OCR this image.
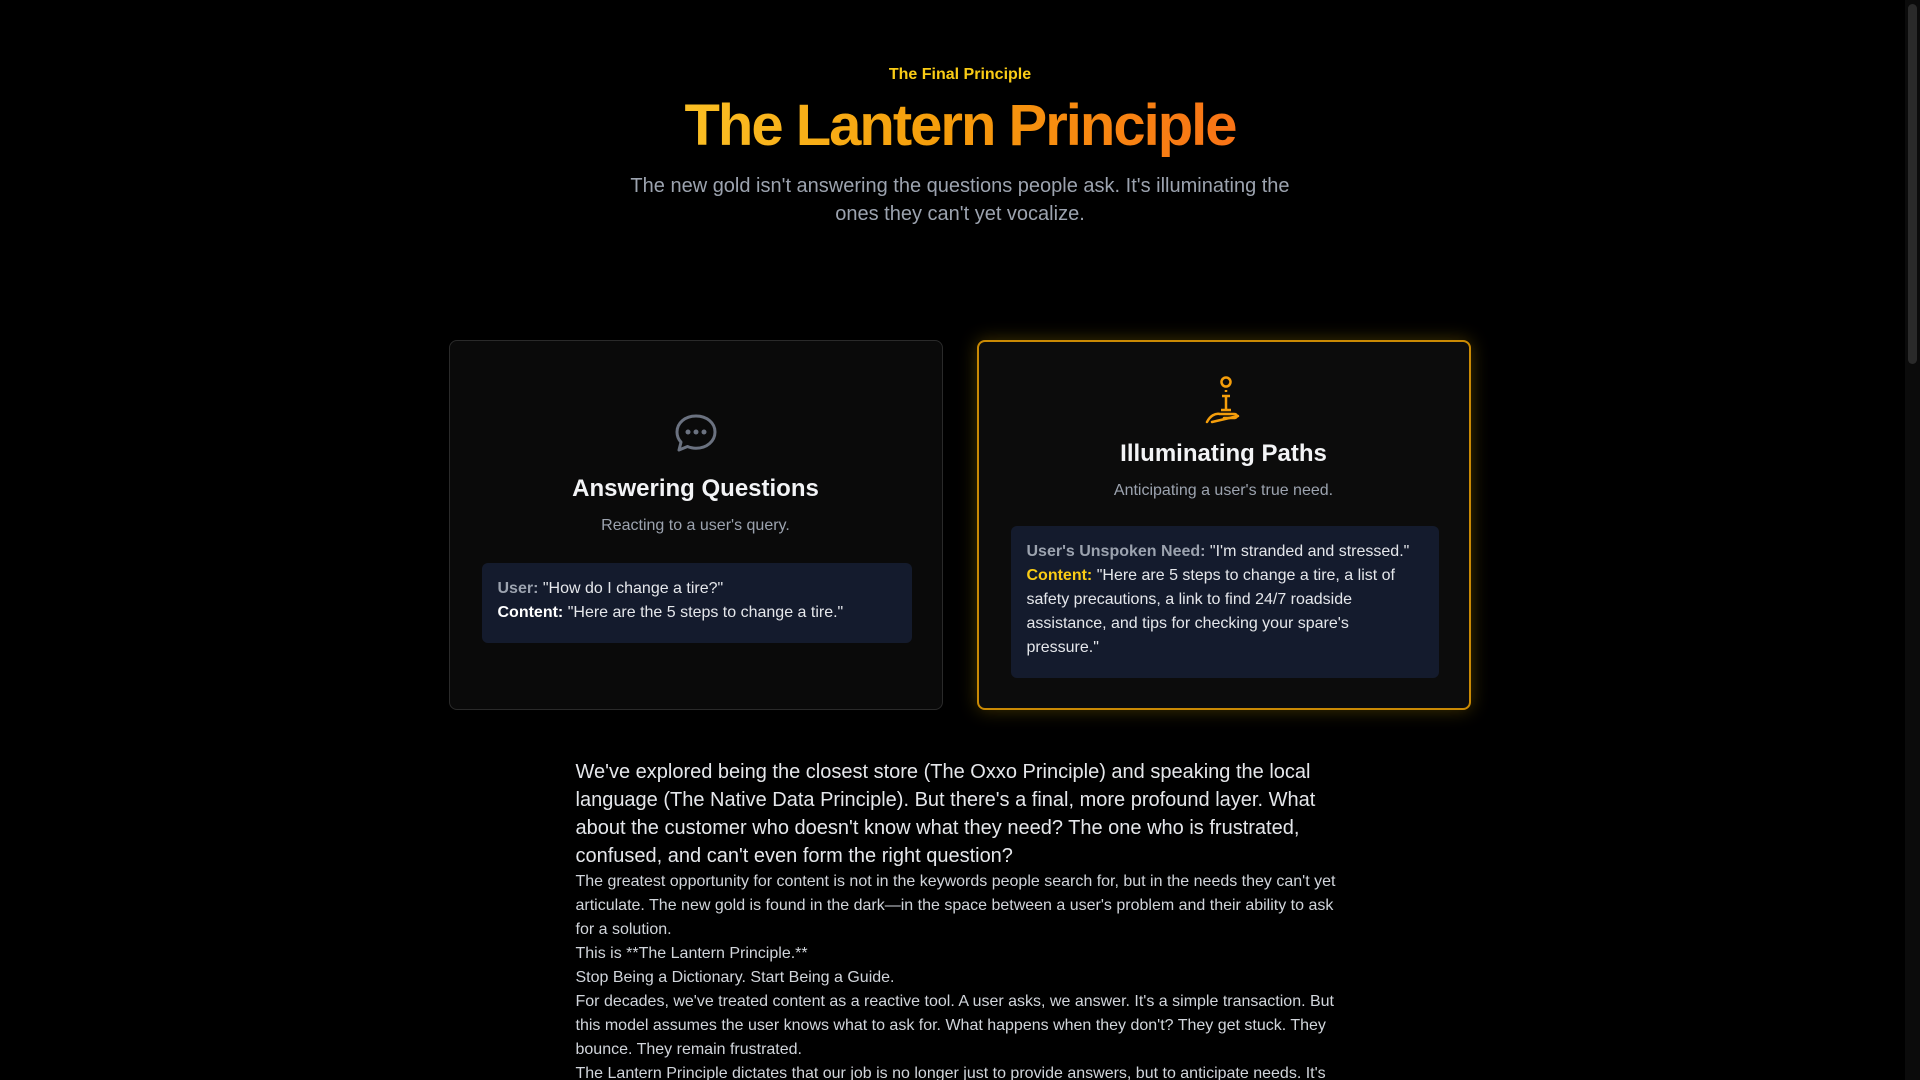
The Final Principle
The Lantern Principle

The new gold isn't answering the questions people ask. It's illuminating the ones they can't yet vocalize.

Answering Questions

Reacting to a user's query.

User: "How do I change a tire?"
Content: "Here are the 5 steps to change a tire."
Illuminating Paths

Anticipating a user's true need.

User's Unspoken Need: "I'm stranded and stressed."
Content: "Here are 5 steps to change a tire, a list of safety precautions, a link to find 24/7 roadside assistance, and tips for checking your spare's pressure."

We've explored being the closest store (The Oxxo Principle) and speaking the local language (The Native Data Principle). But there's a final, more profound layer. What about the customer who doesn't know what they need? The one who is frustrated, confused, and can't even form the right question?

The greatest opportunity for content is not in the keywords people search for, but in the needs they can't yet articulate. The new gold is found in the dark—in the space between a user's problem and their ability to ask for a solution.

This is **The Lantern Principle.**

Stop Being a Dictionary. Start Being a Guide.

For decades, we've treated content as a reactive tool. A user asks, we answer. It's a simple transaction. But this model assumes the user knows what to ask for. What happens when they don't? They get stuck. They bounce. They remain frustrated.

The Lantern Principle dictates that our job is no longer just to provide answers, but to anticipate needs. It's
